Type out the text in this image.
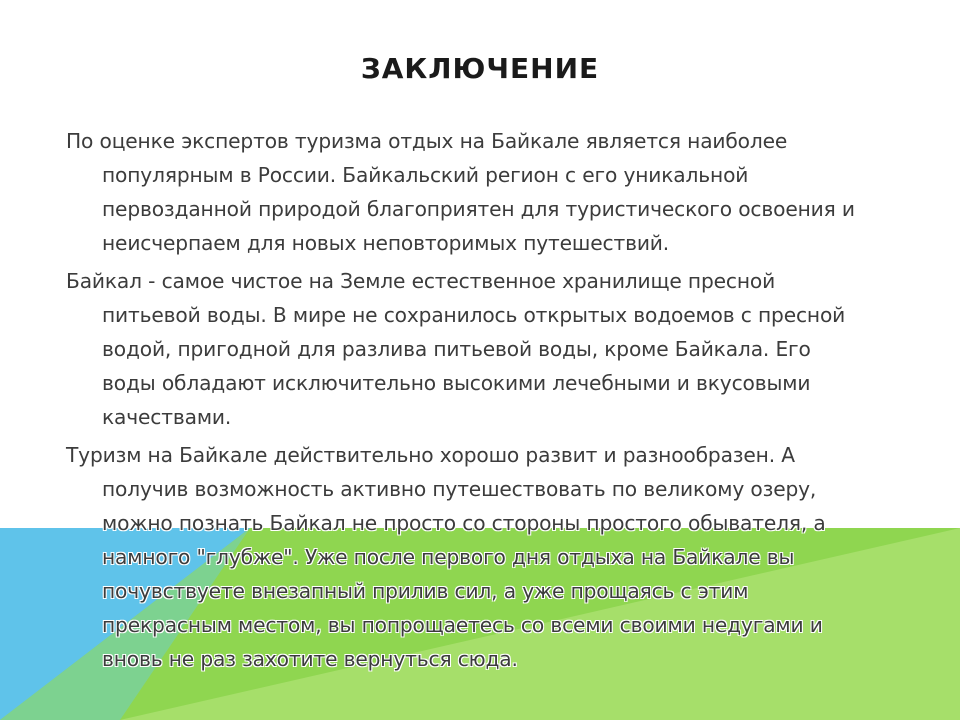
ЗАКЛЮЧЕНИЕ

По оценке экспертов туризма отдых на Байкале является наиболее популярным в России. Байкальский регион с его уникальной первозданной природой благоприятен для туристического освоения и неисчерпаем для новых неповторимых путешествий.

Байкал - самое чистое на Земле естественное хранилище пресной питьевой воды. В мире не сохранилось открытых водоемов с пресной водой, пригодной для разлива питьевой воды, кроме Байкала. Его воды обладают исключительно высокими лечебными и вкусовыми качествами.

Туризм на Байкале действительно хорошо развит и разнообразен. А получив возможность активно путешествовать по великому озеру, можно познать Байкал не просто со стороны простого обывателя, а намного "глубже". Уже после первого дня отдыха на Байкале вы почувствуете внезапный прилив сил, а уже прощаясь с этим прекрасным местом, вы попрощаетесь со всеми своими недугами и вновь не раз захотите вернуться сюда.
